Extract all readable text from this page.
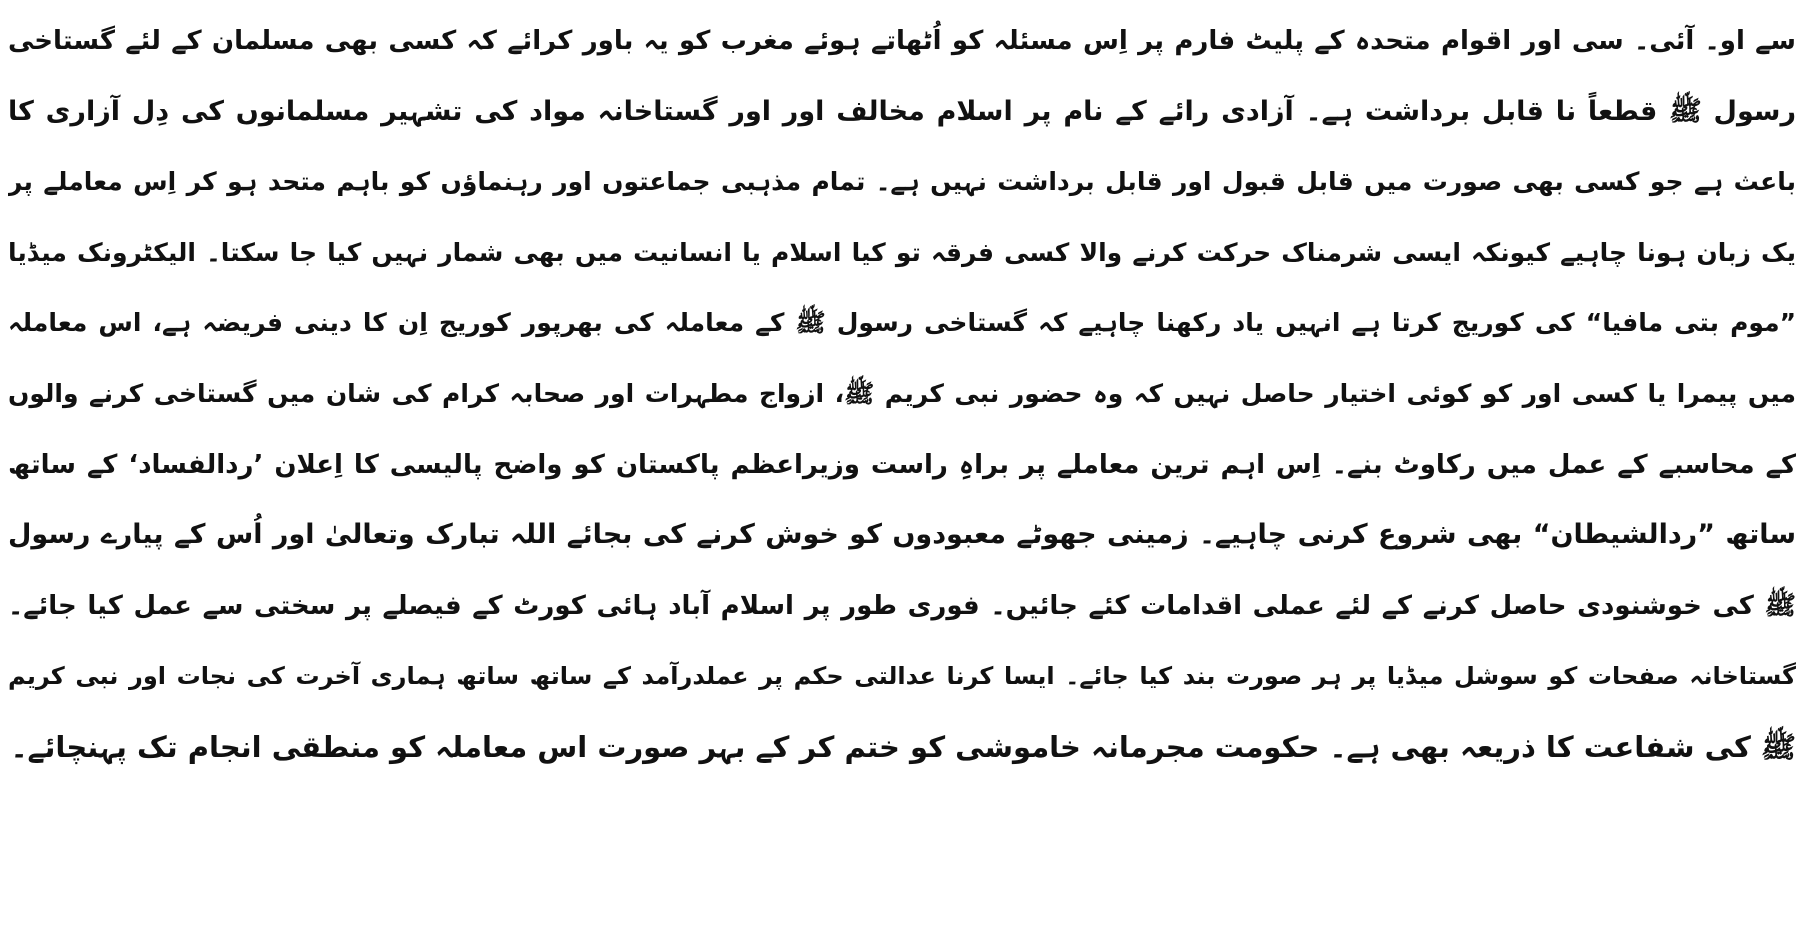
سے او۔ آئی۔ سی اور اقوام متحدہ کے پلیٹ فارم پر اِس مسئلہ کو اُٹھاتے ہوئے مغرب کو یہ باور کرائے کہ کسی بھی مسلمان کے لئے گستاخی
رسول ﷺ قطعاً نا قابل برداشت ہے۔ آزادی رائے کے نام پر اسلام مخالف اور اور گستاخانہ مواد کی تشہیر مسلمانوں کی دِل آزاری کا
باعث ہے جو کسی بھی صورت میں قابل قبول اور قابل برداشت نہیں ہے۔ تمام مذہبی جماعتوں اور رہنماؤں کو باہم متحد ہو کر اِس معاملے پر
یک زبان ہونا چاہیے کیونکہ ایسی شرمناک حرکت کرنے والا کسی فرقہ تو کیا اسلام یا انسانیت میں بھی شمار نہیں کیا جا سکتا۔ الیکٹرونک میڈیا
”موم بتی مافیا“ کی کوریج کرتا ہے انہیں یاد رکھنا چاہیے کہ گستاخی رسول ﷺ کے معاملہ کی بھرپور کوریج اِن کا دینی فریضہ ہے، اس معاملہ
میں پیمرا یا کسی اور کو کوئی اختیار حاصل نہیں کہ وہ حضور نبی کریم ﷺ، ازواج مطہرات اور صحابہ کرام کی شان میں گستاخی کرنے والوں
کے محاسبے کے عمل میں رکاوٹ بنے۔ اِس اہم ترین معاملے پر براہِ راست وزیراعظم پاکستان کو واضح پالیسی کا اِعلان ’ردالفساد‘ کے ساتھ
ساتھ ”ردالشیطان“ بھی شروع کرنی چاہیے۔ زمینی جھوٹے معبودوں کو خوش کرنے کی بجائے اللہ تبارک وتعالیٰ اور اُس کے پیارے رسول
ﷺ کی خوشنودی حاصل کرنے کے لئے عملی اقدامات کئے جائیں۔ فوری طور پر اسلام آباد ہائی کورٹ کے فیصلے پر سختی سے عمل کیا جائے۔
گستاخانہ صفحات کو سوشل میڈیا پر ہر صورت بند کیا جائے۔ ایسا کرنا عدالتی حکم پر عملدرآمد کے ساتھ ساتھ ہماری آخرت کی نجات اور نبی کریم
ﷺ کی شفاعت کا ذریعہ بھی ہے۔ حکومت مجرمانہ خاموشی کو ختم کر کے بہر صورت اس معاملہ کو منطقی انجام تک پہنچائے۔
